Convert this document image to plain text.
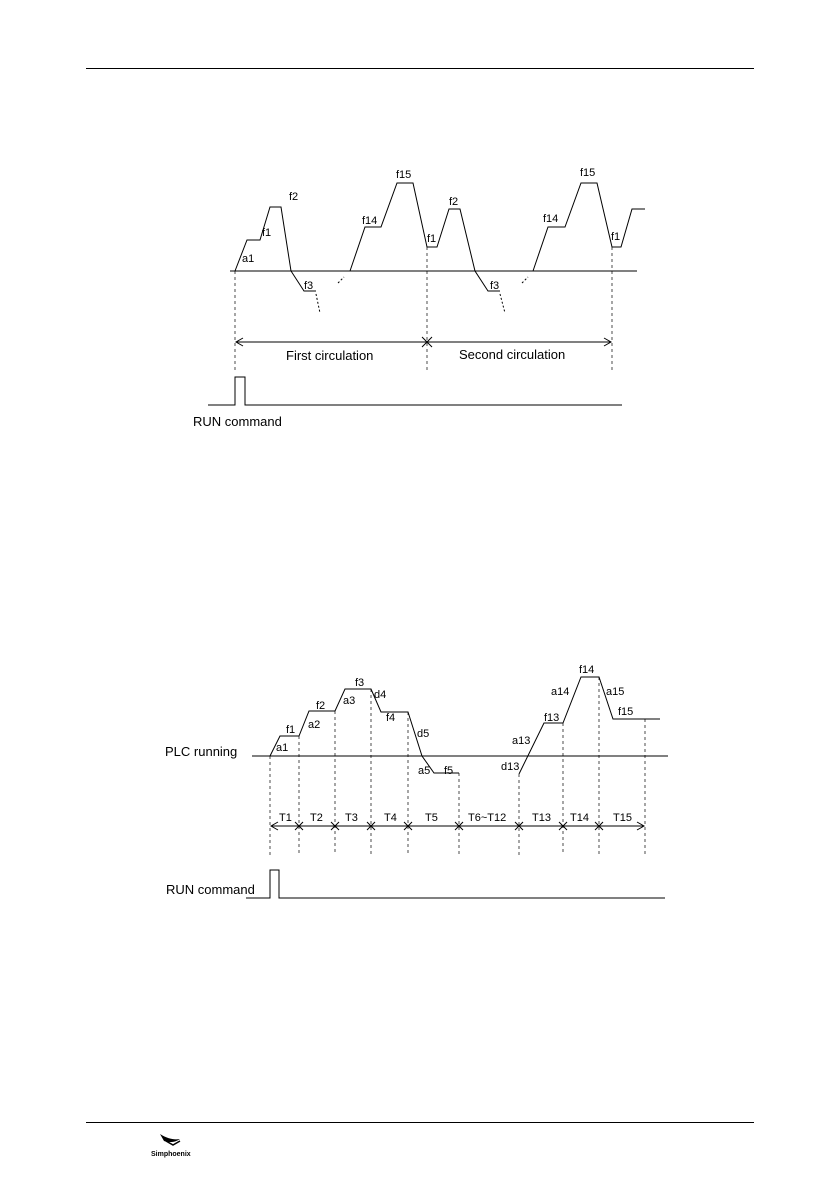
f2
f1
a1
f3
f15
f14
f1
f2
f3
f15
f14
f1
First circulation	Second circulation
RUN command
PLC running
RUN command
f3
d4
a3
f2
f4
a2
f1	d5
a1
a5 f5
f14
a14	a15
f13	f15
a13
d13
T1 T2 T3 T4	T5	T6~T12 T13 T14 T15
Simphoenix
